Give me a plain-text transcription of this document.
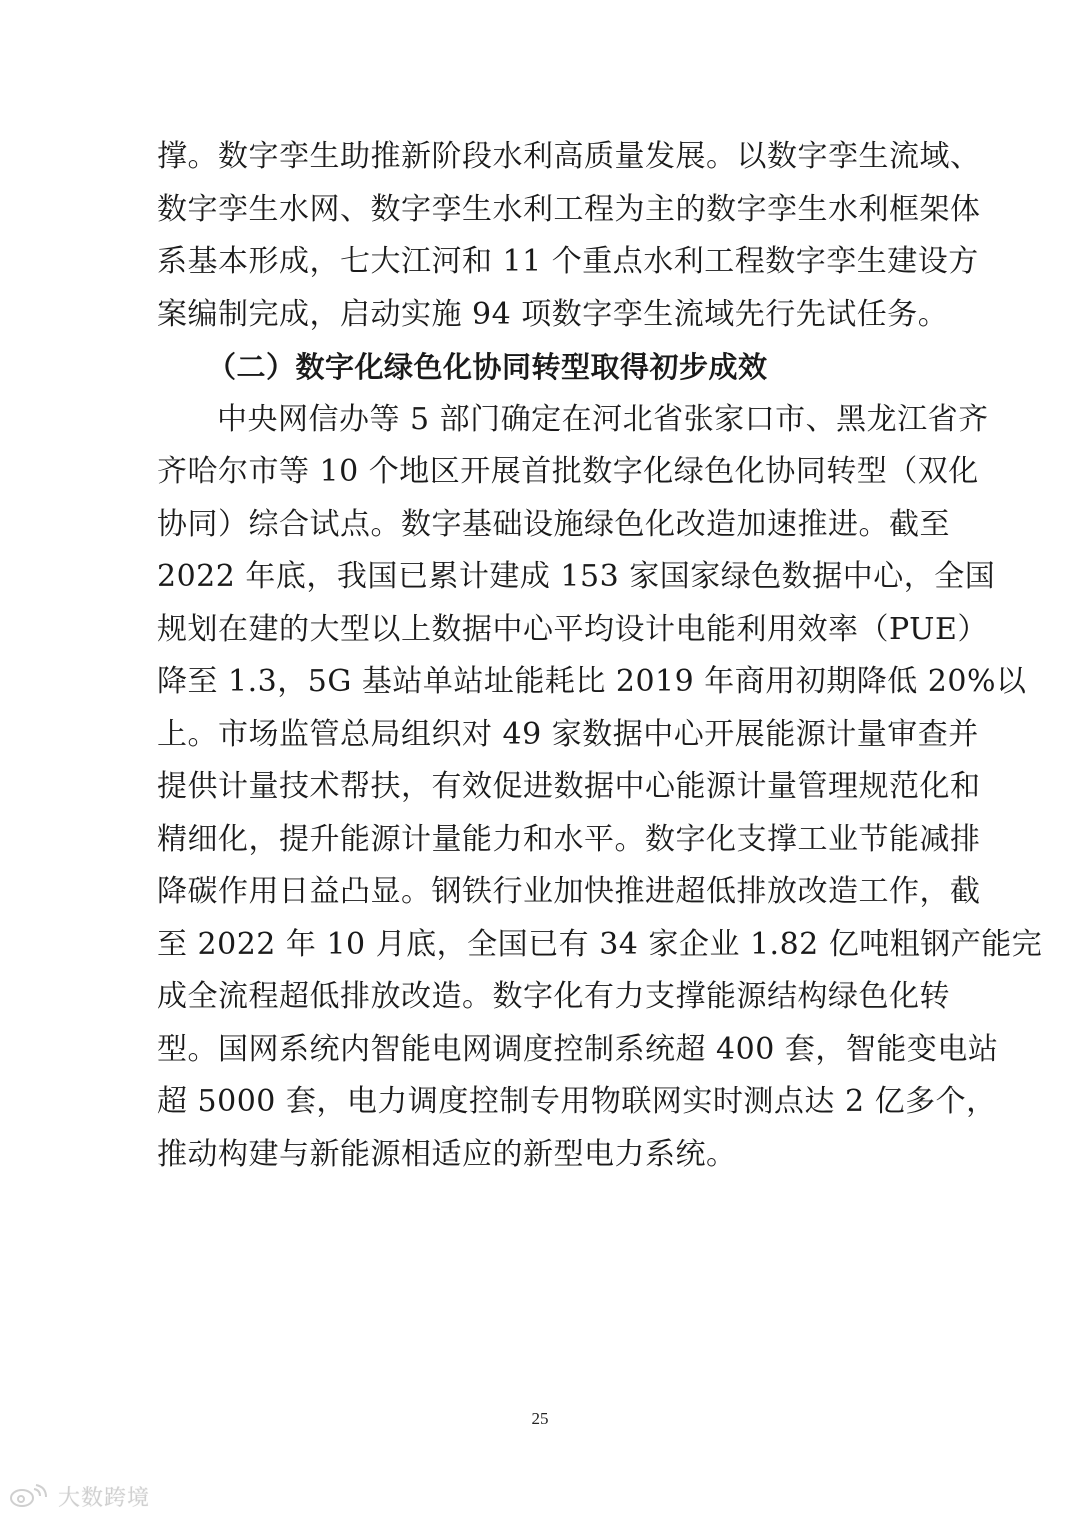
撑。数字孪生助推新阶段水利高质量发展。以数字孪生流域、
数字孪生水网、数字孪生水利工程为主的数字孪生水利框架体
系基本形成，七大江河和 11 个重点水利工程数字孪生建设方
案编制完成，启动实施 94 项数字孪生流域先行先试任务。
（二）数字化绿色化协同转型取得初步成效
中央网信办等 5 部门确定在河北省张家口市、黑龙江省齐
齐哈尔市等 10 个地区开展首批数字化绿色化协同转型（双化
协同）综合试点。数字基础设施绿色化改造加速推进。截至
2022 年底，我国已累计建成 153 家国家绿色数据中心，全国
规划在建的大型以上数据中心平均设计电能利用效率（PUE）
降至 1.3，5G 基站单站址能耗比 2019 年商用初期降低 20%以
上。市场监管总局组织对 49 家数据中心开展能源计量审查并
提供计量技术帮扶，有效促进数据中心能源计量管理规范化和
精细化，提升能源计量能力和水平。数字化支撑工业节能减排
降碳作用日益凸显。钢铁行业加快推进超低排放改造工作，截
至 2022 年 10 月底，全国已有 34 家企业 1.82 亿吨粗钢产能完
成全流程超低排放改造。数字化有力支撑能源结构绿色化转
型。国网系统内智能电网调度控制系统超 400 套，智能变电站
超 5000 套，电力调度控制专用物联网实时测点达 2 亿多个，
推动构建与新能源相适应的新型电力系统。
25
大数跨境
